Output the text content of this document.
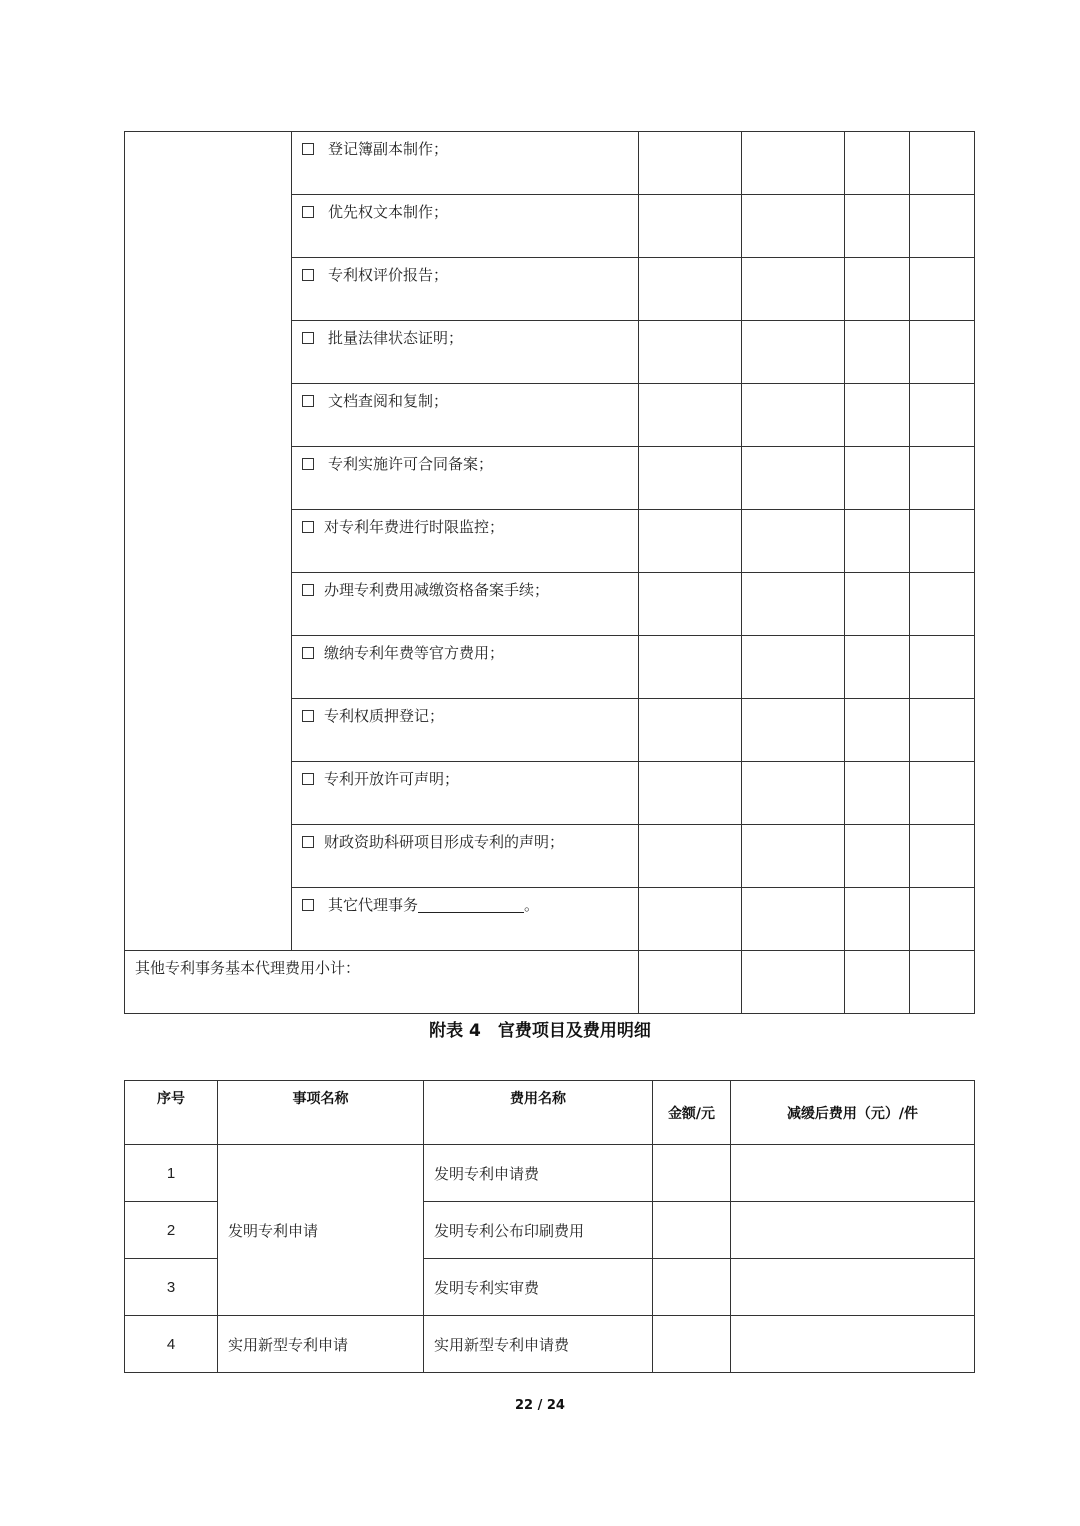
	登记簿副本制作；				
	优先权文本制作；				
	专利权评价报告；				
	批量法律状态证明；				
	文档查阅和复制；				
	专利实施许可合同备案；				
	对专利年费进行时限监控；				
	办理专利费用减缴资格备案手续；				
	缴纳专利年费等官方费用；				
	专利权质押登记；				
	专利开放许可声明；				
	财政资助科研项目形成专利的声明；				
	其它代理事务 。				
其他专利事务基本代理费用小计：					
附表 4　官费项目及费用明细
序号	事项名称	费用名称	金额/元	减缓后费用（元）/件
1	发明专利申请	发明专利申请费		
2		发明专利公布印刷费用		
3		发明专利实审费		
4	实用新型专利申请	实用新型专利申请费		
22 / 24
